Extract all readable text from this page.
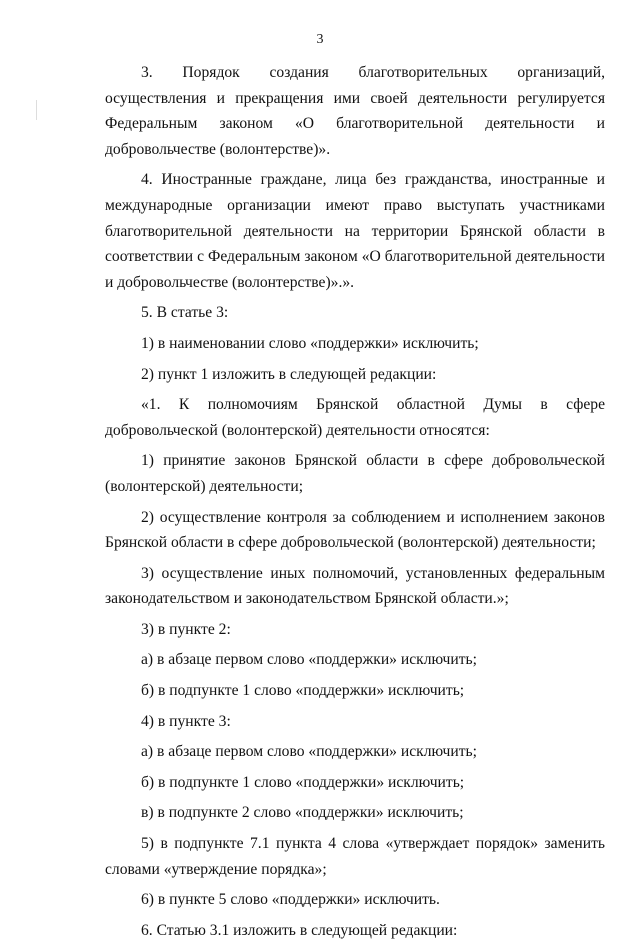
3

3. Порядок создания благотворительных организаций, осуществления и прекращения ими своей деятельности регулируется Федеральным законом «О благотворительной деятельности и добровольчестве (волонтерстве)».

4. Иностранные граждане, лица без гражданства, иностранные и международные организации имеют право выступать участниками благотворительной деятельности на территории Брянской области в соответствии с Федеральным законом «О благотворительной деятельности и добровольчестве (волонтерстве)».».

5. В статье 3:

1) в наименовании слово «поддержки» исключить;

2) пункт 1 изложить в следующей редакции:

«1. К полномочиям Брянской областной Думы в сфере добровольческой (волонтерской) деятельности относятся:

1) принятие законов Брянской области в сфере добровольческой (волонтерской) деятельности;

2) осуществление контроля за соблюдением и исполнением законов Брянской области в сфере добровольческой (волонтерской) деятельности;

3) осуществление иных полномочий, установленных федеральным законодательством и законодательством Брянской области.»;

3) в пункте 2:

а) в абзаце первом слово «поддержки» исключить;

б) в подпункте 1 слово «поддержки» исключить;

4) в пункте 3:

а) в абзаце первом слово «поддержки» исключить;

б) в подпункте 1 слово «поддержки» исключить;

в) в подпункте 2 слово «поддержки» исключить;

5) в подпункте 7.1 пункта 4 слова «утверждает порядок» заменить словами «утверждение порядка»;

6) в пункте 5 слово «поддержки» исключить.

6. Статью 3.1 изложить в следующей редакции:
